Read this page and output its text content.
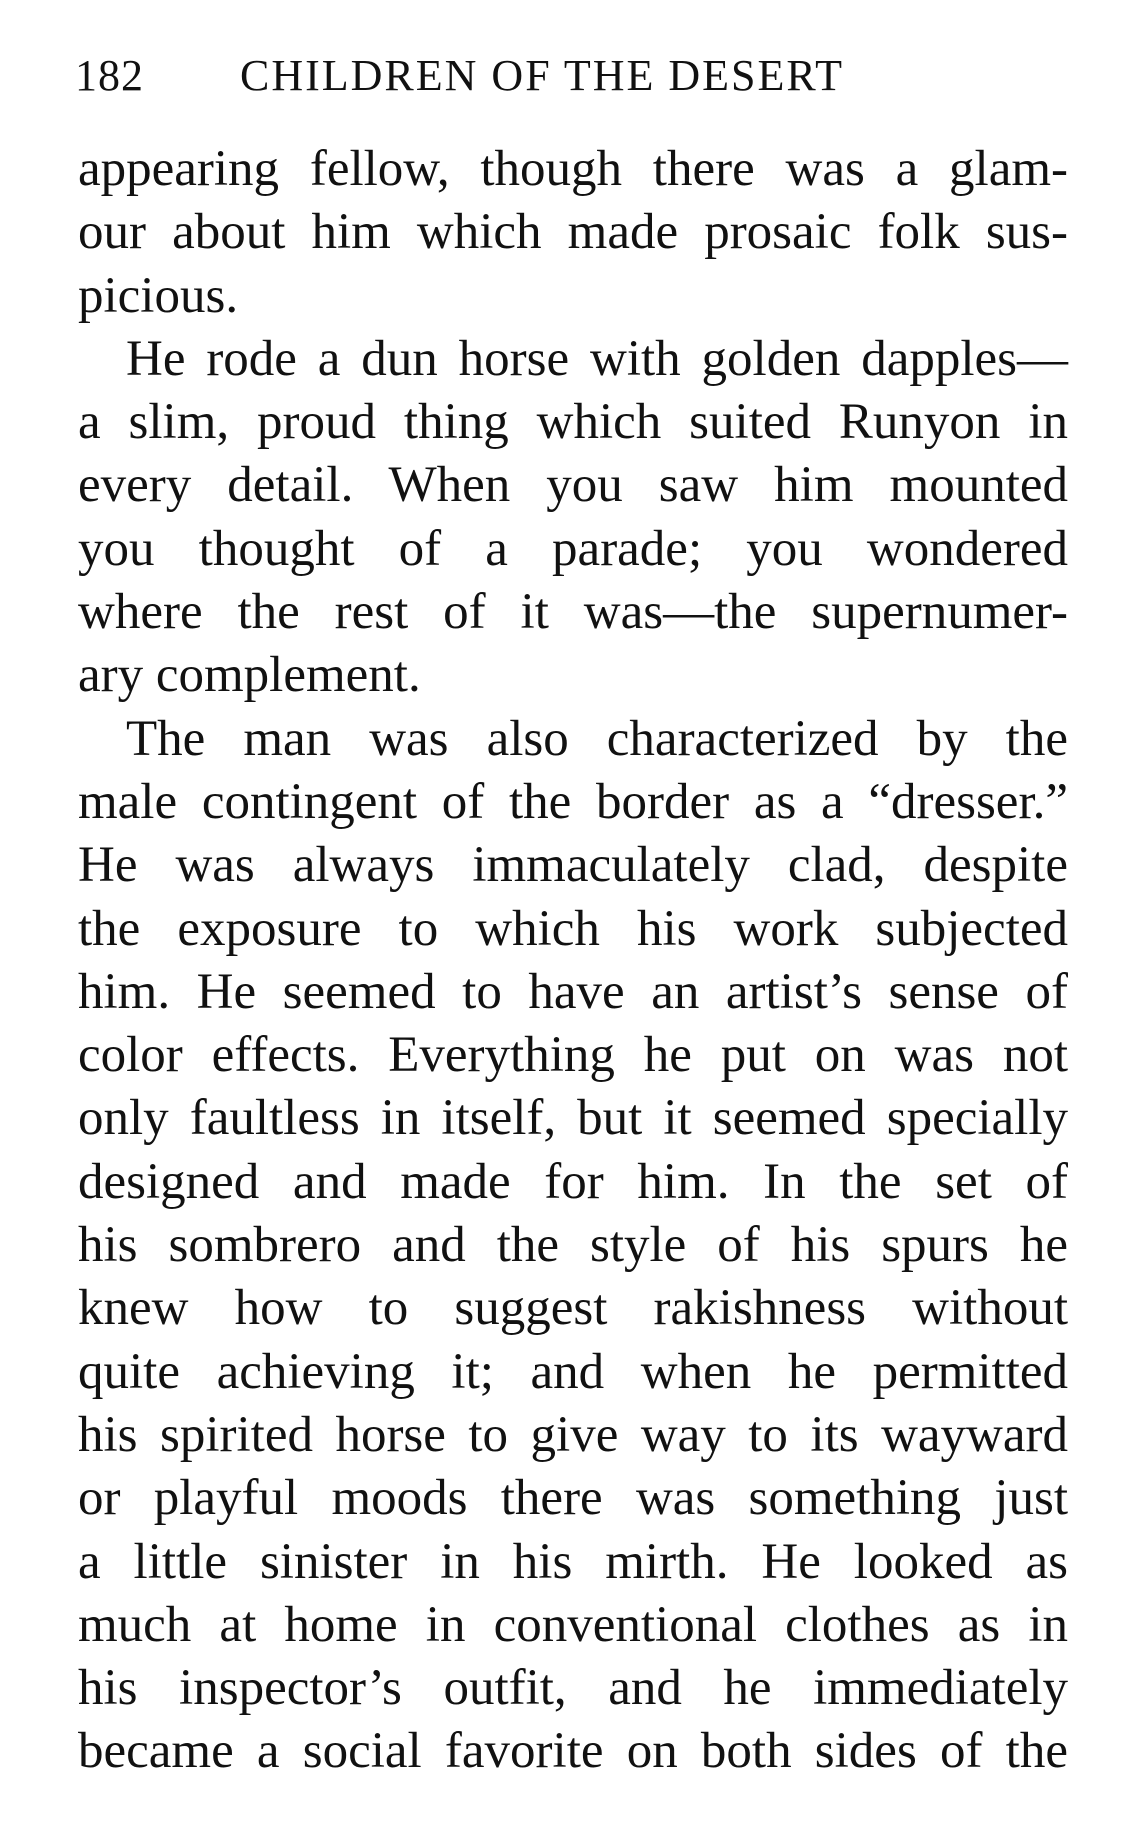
182 CHILDREN OF THE DESERT
appearing fellow, though there was a glam-
our about him which made prosaic folk sus-
picious.
He rode a dun horse with golden dapples—
a slim, proud thing which suited Runyon in
every detail. When you saw him mounted
you thought of a parade; you wondered
where the rest of it was—the supernumer-
ary complement.
The man was also characterized by the
male contingent of the border as a “dresser.”
He was always immaculately clad, despite
the exposure to which his work subjected
him. He seemed to have an artist’s sense of
color effects. Everything he put on was not
only faultless in itself, but it seemed specially
designed and made for him. In the set of
his sombrero and the style of his spurs he
knew how to suggest rakishness without
quite achieving it; and when he permitted
his spirited horse to give way to its wayward
or playful moods there was something just
a little sinister in his mirth. He looked as
much at home in conventional clothes as in
his inspector’s outfit, and he immediately
became a social favorite on both sides of the
